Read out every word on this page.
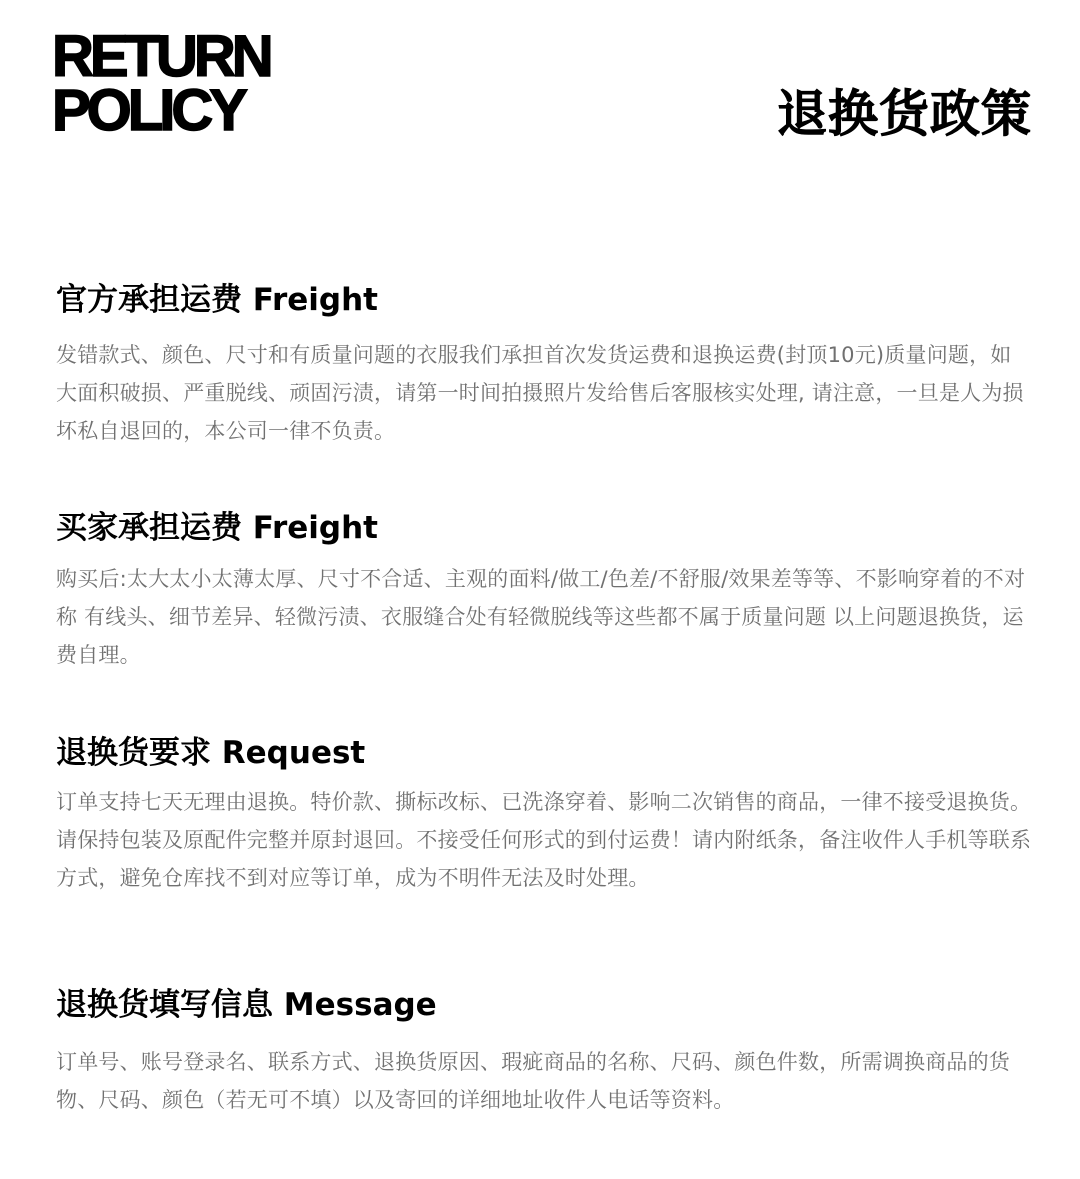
RETURN
POLICY	退换货政策
官方承担运费 Freight

发错款式、颜色、尺寸和有质量问题的衣服我们承担首次发货运费和退换运费(封顶10元)质量问题，如大面积破损、严重脱线、顽固污渍，请第一时间拍摄照片发给售后客服核实处理, 请注意，一旦是人为损坏私自退回的，本公司一律不负责。

买家承担运费 Freight

购买后:太大太小太薄太厚、尺寸不合适、主观的面料/做工/色差/不舒服/效果差等等、不影响穿着的不对称 有线头、细节差异、轻微污渍、衣服缝合处有轻微脱线等这些都不属于质量问题 以上问题退换货，运费自理。

退换货要求 Request

订单支持七天无理由退换。特价款、撕标改标、已洗涤穿着、影响二次销售的商品，一律不接受退换货。请保持包装及原配件完整并原封退回。不接受任何形式的到付运费！请内附纸条，备注收件人手机等联系方式，避免仓库找不到对应等订单，成为不明件无法及时处理。

退换货填写信息 Message

订单号、账号登录名、联系方式、退换货原因、瑕疵商品的名称、尺码、颜色件数，所需调换商品的货物、尺码、颜色（若无可不填）以及寄回的详细地址收件人电话等资料。
